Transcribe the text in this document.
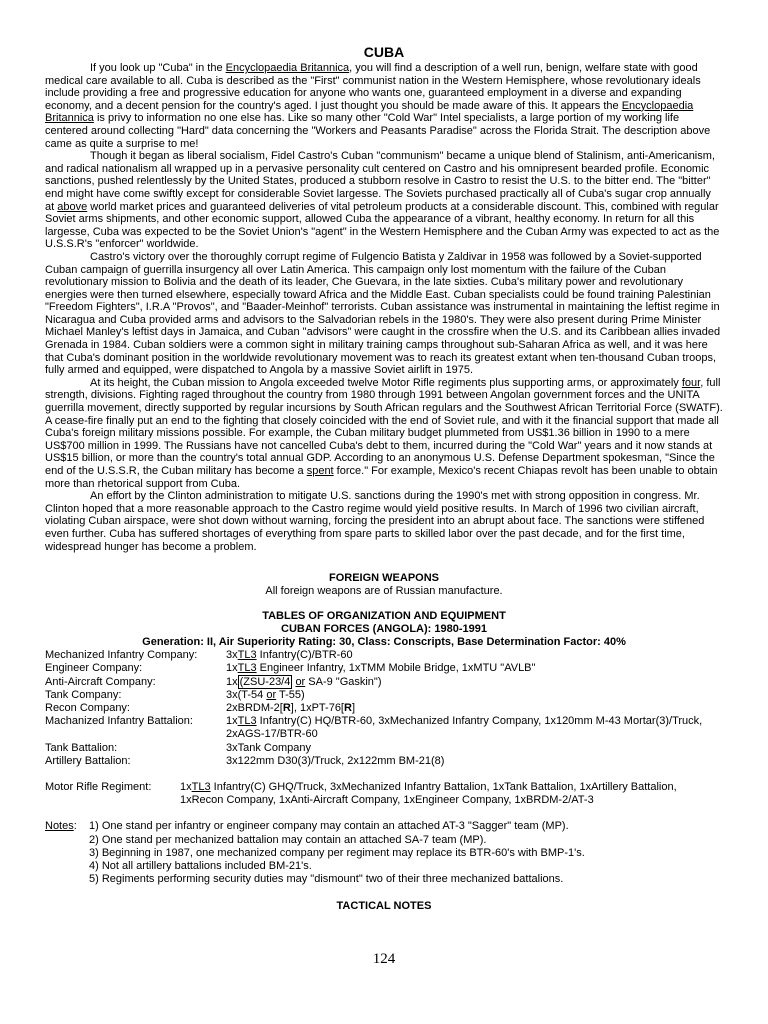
CUBA

If you look up "Cuba" in the Encyclopaedia Britannica, you will find a description of a well run, benign, welfare state with good medical care available to all. Cuba is described as the "First" communist nation in the Western Hemisphere, whose revolutionary ideals include providing a free and progressive education for anyone who wants one, guaranteed employment in a diverse and expanding economy, and a decent pension for the country's aged. I just thought you should be made aware of this. It appears the Encyclopaedia Britannica is privy to information no one else has. Like so many other "Cold War" Intel specialists, a large portion of my working life centered around collecting "Hard" data concerning the "Workers and Peasants Paradise" across the Florida Strait. The description above came as quite a surprise to me!

Though it began as liberal socialism, Fidel Castro's Cuban "communism" became a unique blend of Stalinism, anti-Americanism, and radical nationalism all wrapped up in a pervasive personality cult centered on Castro and his omnipresent bearded profile. Economic sanctions, pushed relentlessly by the United States, produced a stubborn resolve in Castro to resist the U.S. to the bitter end. The "bitter" end might have come swiftly except for considerable Soviet largesse. The Soviets purchased practically all of Cuba's sugar crop annually at above world market prices and guaranteed deliveries of vital petroleum products at a considerable discount. This, combined with regular Soviet arms shipments, and other economic support, allowed Cuba the appearance of a vibrant, healthy economy. In return for all this largesse, Cuba was expected to be the Soviet Union's "agent" in the Western Hemisphere and the Cuban Army was expected to act as the U.S.S.R's "enforcer" worldwide.

Castro's victory over the thoroughly corrupt regime of Fulgencio Batista y Zaldivar in 1958 was followed by a Soviet-supported Cuban campaign of guerrilla insurgency all over Latin America. This campaign only lost momentum with the failure of the Cuban revolutionary mission to Bolivia and the death of its leader, Che Guevara, in the late sixties. Cuba's military power and revolutionary energies were then turned elsewhere, especially toward Africa and the Middle East. Cuban specialists could be found training Palestinian "Freedom Fighters", I.R.A "Provos", and "Baader-Meinhof" terrorists. Cuban assistance was instrumental in maintaining the leftist regime in Nicaragua and Cuba provided arms and advisors to the Salvadorian rebels in the 1980's. They were also present during Prime Minister Michael Manley's leftist days in Jamaica, and Cuban "advisors" were caught in the crossfire when the U.S. and its Caribbean allies invaded Grenada in 1984. Cuban soldiers were a common sight in military training camps throughout sub-Saharan Africa as well, and it was here that Cuba's dominant position in the worldwide revolutionary movement was to reach its greatest extant when ten-thousand Cuban troops, fully armed and equipped, were dispatched to Angola by a massive Soviet airlift in 1975.

At its height, the Cuban mission to Angola exceeded twelve Motor Rifle regiments plus supporting arms, or approximately four, full strength, divisions. Fighting raged throughout the country from 1980 through 1991 between Angolan government forces and the UNITA guerrilla movement, directly supported by regular incursions by South African regulars and the Southwest African Territorial Force (SWATF). A cease-fire finally put an end to the fighting that closely coincided with the end of Soviet rule, and with it the financial support that made all Cuba's foreign military missions possible. For example, the Cuban military budget plummeted from US$1.36 billion in 1990 to a mere US$700 million in 1999. The Russians have not cancelled Cuba's debt to them, incurred during the "Cold War" years and it now stands at US$15 billion, or more than the country's total annual GDP. According to an anonymous U.S. Defense Department spokesman, "Since the end of the U.S.S.R, the Cuban military has become a spent force." For example, Mexico's recent Chiapas revolt has been unable to obtain more than rhetorical support from Cuba.

An effort by the Clinton administration to mitigate U.S. sanctions during the 1990's met with strong opposition in congress. Mr. Clinton hoped that a more reasonable approach to the Castro regime would yield positive results. In March of 1996 two civilian aircraft, violating Cuban airspace, were shot down without warning, forcing the president into an abrupt about face. The sanctions were stiffened even further. Cuba has suffered shortages of everything from spare parts to skilled labor over the past decade, and for the first time, widespread hunger has become a problem.

FOREIGN WEAPONS
All foreign weapons are of Russian manufacture.
TABLES OF ORGANIZATION AND EQUIPMENT
CUBAN FORCES (ANGOLA): 1980-1991
Generation: II, Air Superiority Rating: 30, Class: Conscripts, Base Determination Factor: 40%
Mechanized Infantry Company:	3xTL3 Infantry(C)/BTR-60
Engineer Company:	1xTL3 Engineer Infantry, 1xTMM Mobile Bridge, 1xMTU "AVLB"
Anti-Aircraft Company:	1x (ZSU-23/4 or SA-9 "Gaskin")
Tank Company:	3x(T-54 or T-55)
Recon Company:	2xBRDM-2[R], 1xPT-76[R]
Machanized Infantry Battalion:	1xTL3 Infantry(C) HQ/BTR-60, 3xMechanized Infantry Company, 1x120mm M-43 Mortar(3)/Truck,
2xAGS-17/BTR-60
Tank Battalion:	3xTank Company
Artillery Battalion:	3x122mm D30(3)/Truck, 2x122mm BM-21(8)
Motor Rifle Regiment:	1xTL3 Infantry(C) GHQ/Truck, 3xMechanized Infantry Battalion, 1xTank Battalion, 1xArtillery Battalion,
1xRecon Company, 1xAnti-Aircraft Company, 1xEngineer Company, 1xBRDM-2/AT-3
Notes:	1) One stand per infantry or engineer company may contain an attached AT-3 "Sagger" team (MP).
2) One stand per mechanized battalion may contain an attached SA-7 team (MP).
3) Beginning in 1987, one mechanized company per regiment may replace its BTR-60's with BMP-1's.
4) Not all artillery battalions included BM-21's.
5) Regiments performing security duties may "dismount" two of their three mechanized battalions.
TACTICAL NOTES
124
